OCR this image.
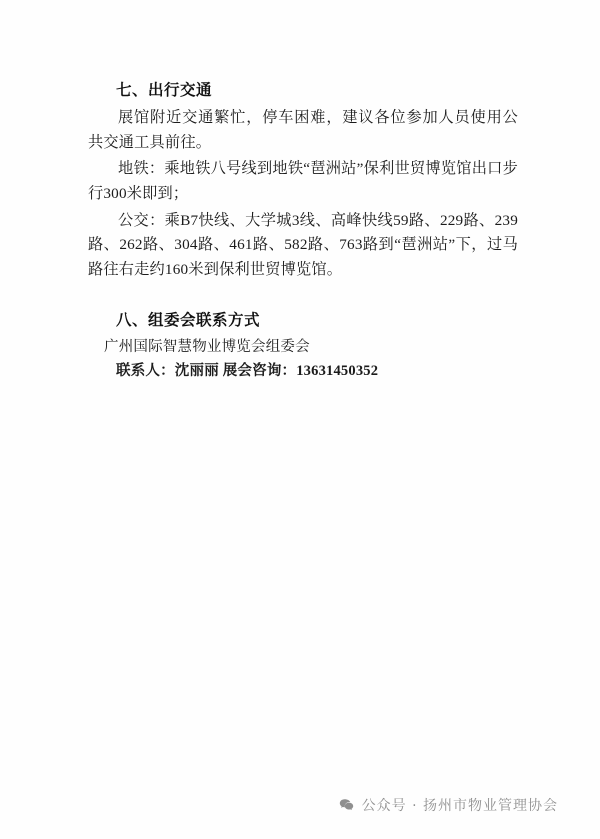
七、出行交通

展馆附近交通繁忙，停车困难，建议各位参加人员使用公共交通工具前往。

地铁：乘地铁八号线到地铁“琶洲站”保利世贸博览馆出口步行300米即到；

公交：乘B7快线、大学城3线、高峰快线59路、229路、239路、262路、304路、461路、582路、763路到“琶洲站”下，过马路往右走约160米到保利世贸博览馆。

八、组委会联系方式

广州国际智慧物业博览会组委会

联系人：沈丽丽 展会咨询：13631450352

公众号 · 扬州市物业管理协会
